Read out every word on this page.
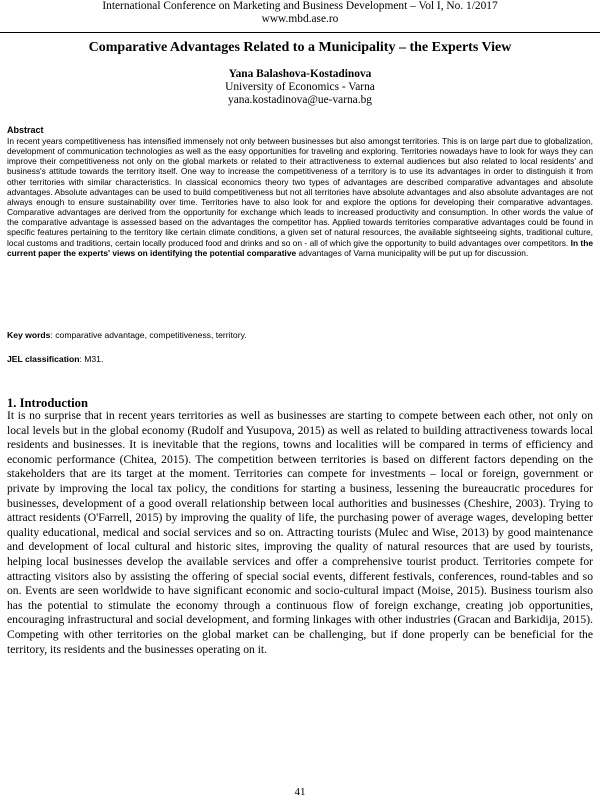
International Conference on Marketing and Business Development – Vol I, No. 1/2017
www.mbd.ase.ro
Comparative Advantages Related to a Municipality – the Experts View
Yana Balashova-Kostadinova
University of Economics - Varna
yana.kostadinova@ue-varna.bg
Abstract

In recent years competitiveness has intensified immensely not only between businesses but also amongst territories. This is on large part due to globalization, development of communication technologies as well as the easy opportunities for traveling and exploring. Territories nowadays have to look for ways they can improve their competitiveness not only on the global markets or related to their attractiveness to external audiences but also related to local residents' and business's attitude towards the territory itself. One way to increase the competitiveness of a territory is to use its advantages in order to distinguish it from other territories with similar characteristics. In classical economics theory two types of advantages are described comparative advantages and absolute advantages. Absolute advantages can be used to build competitiveness but not all territories have absolute advantages and also absolute advantages are not always enough to ensure sustainability over time. Territories have to also look for and explore the options for developing their comparative advantages. Comparative advantages are derived from the opportunity for exchange which leads to increased productivity and consumption. In other words the value of the comparative advantage is assessed based on the advantages the competitor has. Applied towards territories comparative advantages could be found in specific features pertaining to the territory like certain climate conditions, a given set of natural resources, the available sightseeing sights, traditional culture, local customs and traditions, certain locally produced food and drinks and so on - all of which give the opportunity to build advantages over competitors. In the current paper the experts' views on identifying the potential comparative advantages of Varna municipality will be put up for discussion.

Key words: comparative advantage, competitiveness, territory.
JEL classification: M31.
1. Introduction

It is no surprise that in recent years territories as well as businesses are starting to compete between each other, not only on local levels but in the global economy (Rudolf and Yusupova, 2015) as well as related to building attractiveness towards local residents and businesses. It is inevitable that the regions, towns and localities will be compared in terms of efficiency and economic performance (Chitea, 2015). The competition between territories is based on different factors depending on the stakeholders that are its target at the moment. Territories can compete for investments – local or foreign, government or private by improving the local tax policy, the conditions for starting a business, lessening the bureaucratic procedures for businesses, development of a good overall relationship between local authorities and businesses (Cheshire, 2003). Trying to attract residents (O'Farrell, 2015) by improving the quality of life, the purchasing power of average wages, developing better quality educational, medical and social services and so on. Attracting tourists (Mulec and Wise, 2013) by good maintenance and development of local cultural and historic sites, improving the quality of natural resources that are used by tourists, helping local businesses develop the available services and offer a comprehensive tourist product. Territories compete for attracting visitors also by assisting the offering of special social events, different festivals, conferences, round-tables and so on. Events are seen worldwide to have significant economic and socio-cultural impact (Moise, 2015). Business tourism also has the potential to stimulate the economy through a continuous flow of foreign exchange, creating job opportunities, encouraging infrastructural and social development, and forming linkages with other industries (Gracan and Barkidija, 2015). Competing with other territories on the global market can be challenging, but if done properly can be beneficial for the territory, its residents and the businesses operating on it.

41
